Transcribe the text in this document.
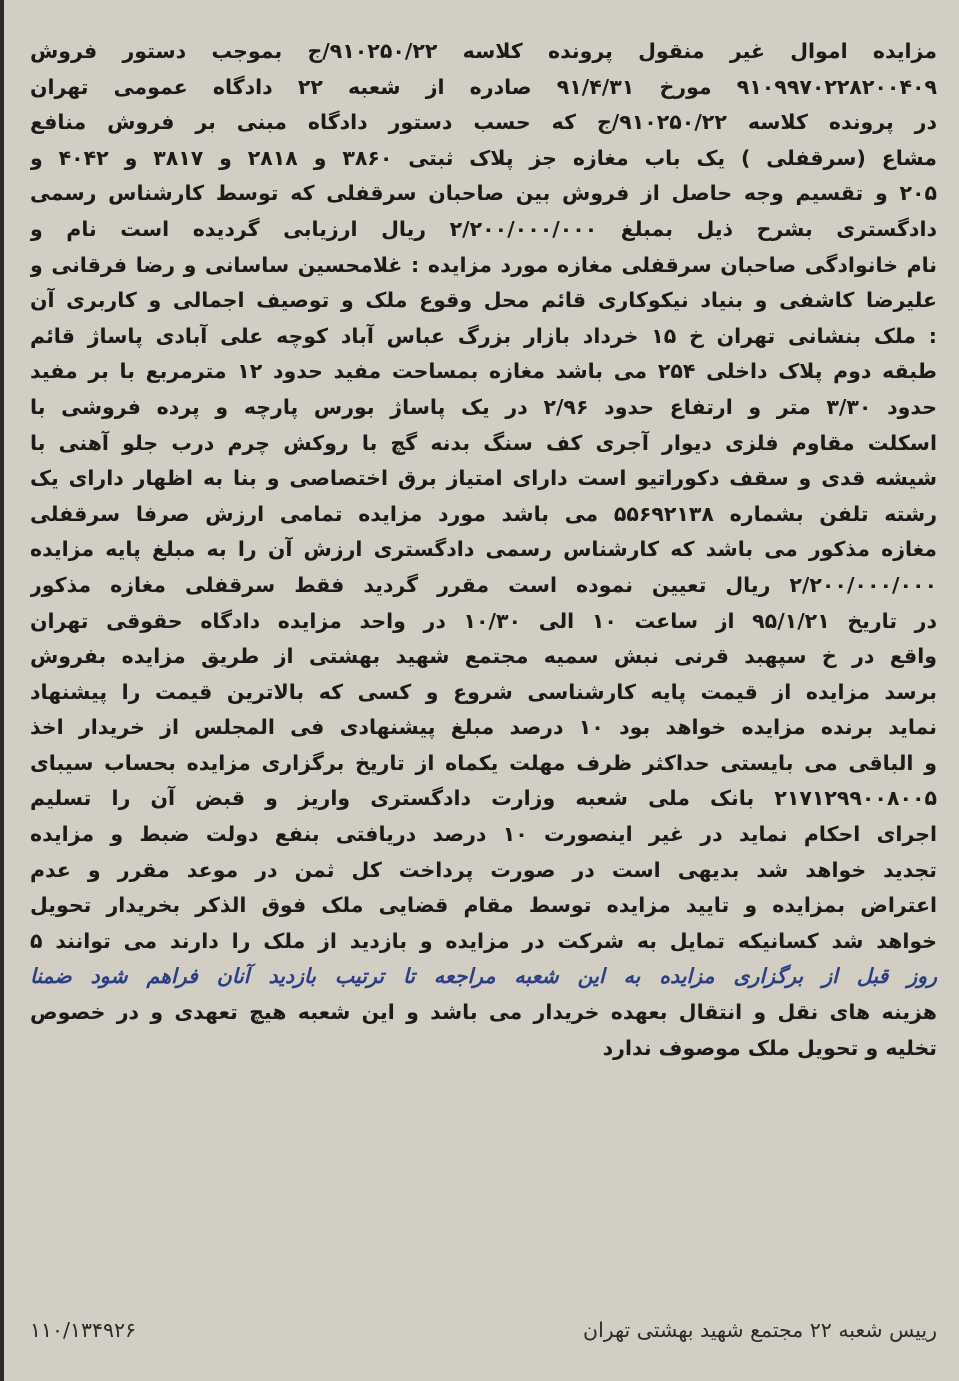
مزایده اموال غیر منقول پرونده کلاسه ۹۱۰۲۵۰/۲۲/ج بموجب دستور فروش
۹۱۰۹۹۷۰۲۲۸۲۰۰۴۰۹ مورخ ۹۱/۴/۳۱ صادره از شعبه ۲۲ دادگاه عمومی تهران
در پرونده کلاسه ۹۱۰۲۵۰/۲۲/ج که حسب دستور دادگاه مبنی بر فروش منافع
مشاع (سرقفلی ) یک باب مغازه جز پلاک ثبتی ۳۸۶۰ و ۲۸۱۸ و ۳۸۱۷ و ۴۰۴۲ و
۲۰۵ و تقسیم وجه حاصل از فروش بین صاحبان سرقفلی که توسط کارشناس رسمی
دادگستری بشرح ذیل بمبلغ ۲/۲۰۰/۰۰۰/۰۰۰ ریال ارزیابی گردیده است نام و
نام خانوادگی صاحبان سرقفلی مغازه مورد مزایده : غلامحسین ساسانی و رضا فرقانی و
علیرضا کاشفی و بنیاد نیکوکاری قائم محل وقوع ملک و توصیف اجمالی و کاربری آن
: ملک بنشانی تهران خ ۱۵ خرداد بازار بزرگ عباس آباد کوچه علی آبادی پاساژ قائم
طبقه دوم پلاک داخلی ۲۵۴ می باشد مغازه بمساحت مفید حدود ۱۲ مترمربع با بر مفید
حدود ۳/۳۰ متر و ارتفاع حدود ۲/۹۶ در یک پاساژ بورس پارچه و پرده فروشی با
اسکلت مقاوم فلزی دیوار آجری کف سنگ بدنه گچ با روکش چرم درب جلو آهنی با
شیشه قدی و سقف دکوراتیو است دارای امتیاز برق اختصاصی و بنا به اظهار دارای یک
رشته تلفن بشماره ۵۵۶۹۲۱۳۸ می باشد مورد مزایده تمامی ارزش صرفا سرقفلی
مغازه مذکور می باشد که کارشناس رسمی دادگستری ارزش آن را به مبلغ پایه مزایده
۲/۲۰۰/۰۰۰/۰۰۰ ریال تعیین نموده است مقرر گردید فقط سرقفلی مغازه مذکور
در تاریخ ۹۵/۱/۲۱ از ساعت ۱۰ الی ۱۰/۳۰ در واحد مزایده دادگاه حقوقی تهران
واقع در خ سپهبد قرنی نبش سمیه مجتمع شهید بهشتی از طریق مزایده بفروش
برسد مزایده از قیمت پایه کارشناسی شروع و کسی که بالاترین قیمت را پیشنهاد
نماید برنده مزایده خواهد بود ۱۰ درصد مبلغ پیشنهادی فی المجلس از خریدار اخذ
و الباقی می بایستی حداکثر ظرف مهلت یکماه از تاریخ برگزاری مزایده بحساب سیبای
۲۱۷۱۲۹۹۰۰۸۰۰۵ بانک ملی شعبه وزارت دادگستری واریز و قبض آن را تسلیم
اجرای احکام نماید در غیر اینصورت ۱۰ درصد دریافتی بنفع دولت ضبط و مزایده
تجدید خواهد شد بدیهی است در صورت پرداخت کل ثمن در موعد مقرر و عدم
اعتراض بمزایده و تایید مزایده توسط مقام قضایی ملک فوق الذکر بخریدار تحویل
خواهد شد کسانیکه تمایل به شرکت در مزایده و بازدید از ملک را دارند می توانند ۵
روز قبل از برگزاری مزایده به این شعبه مراجعه تا ترتیب بازدید آنان فراهم شود ضمنا
هزینه های نقل و انتقال بعهده خریدار می باشد و این شعبه هیچ تعهدی و در خصوص
تخلیه و تحویل ملک موصوف ندارد
رییس شعبه ۲۲ مجتمع شهید بهشتی تهران
۱۱۰/۱۳۴۹۲۶
